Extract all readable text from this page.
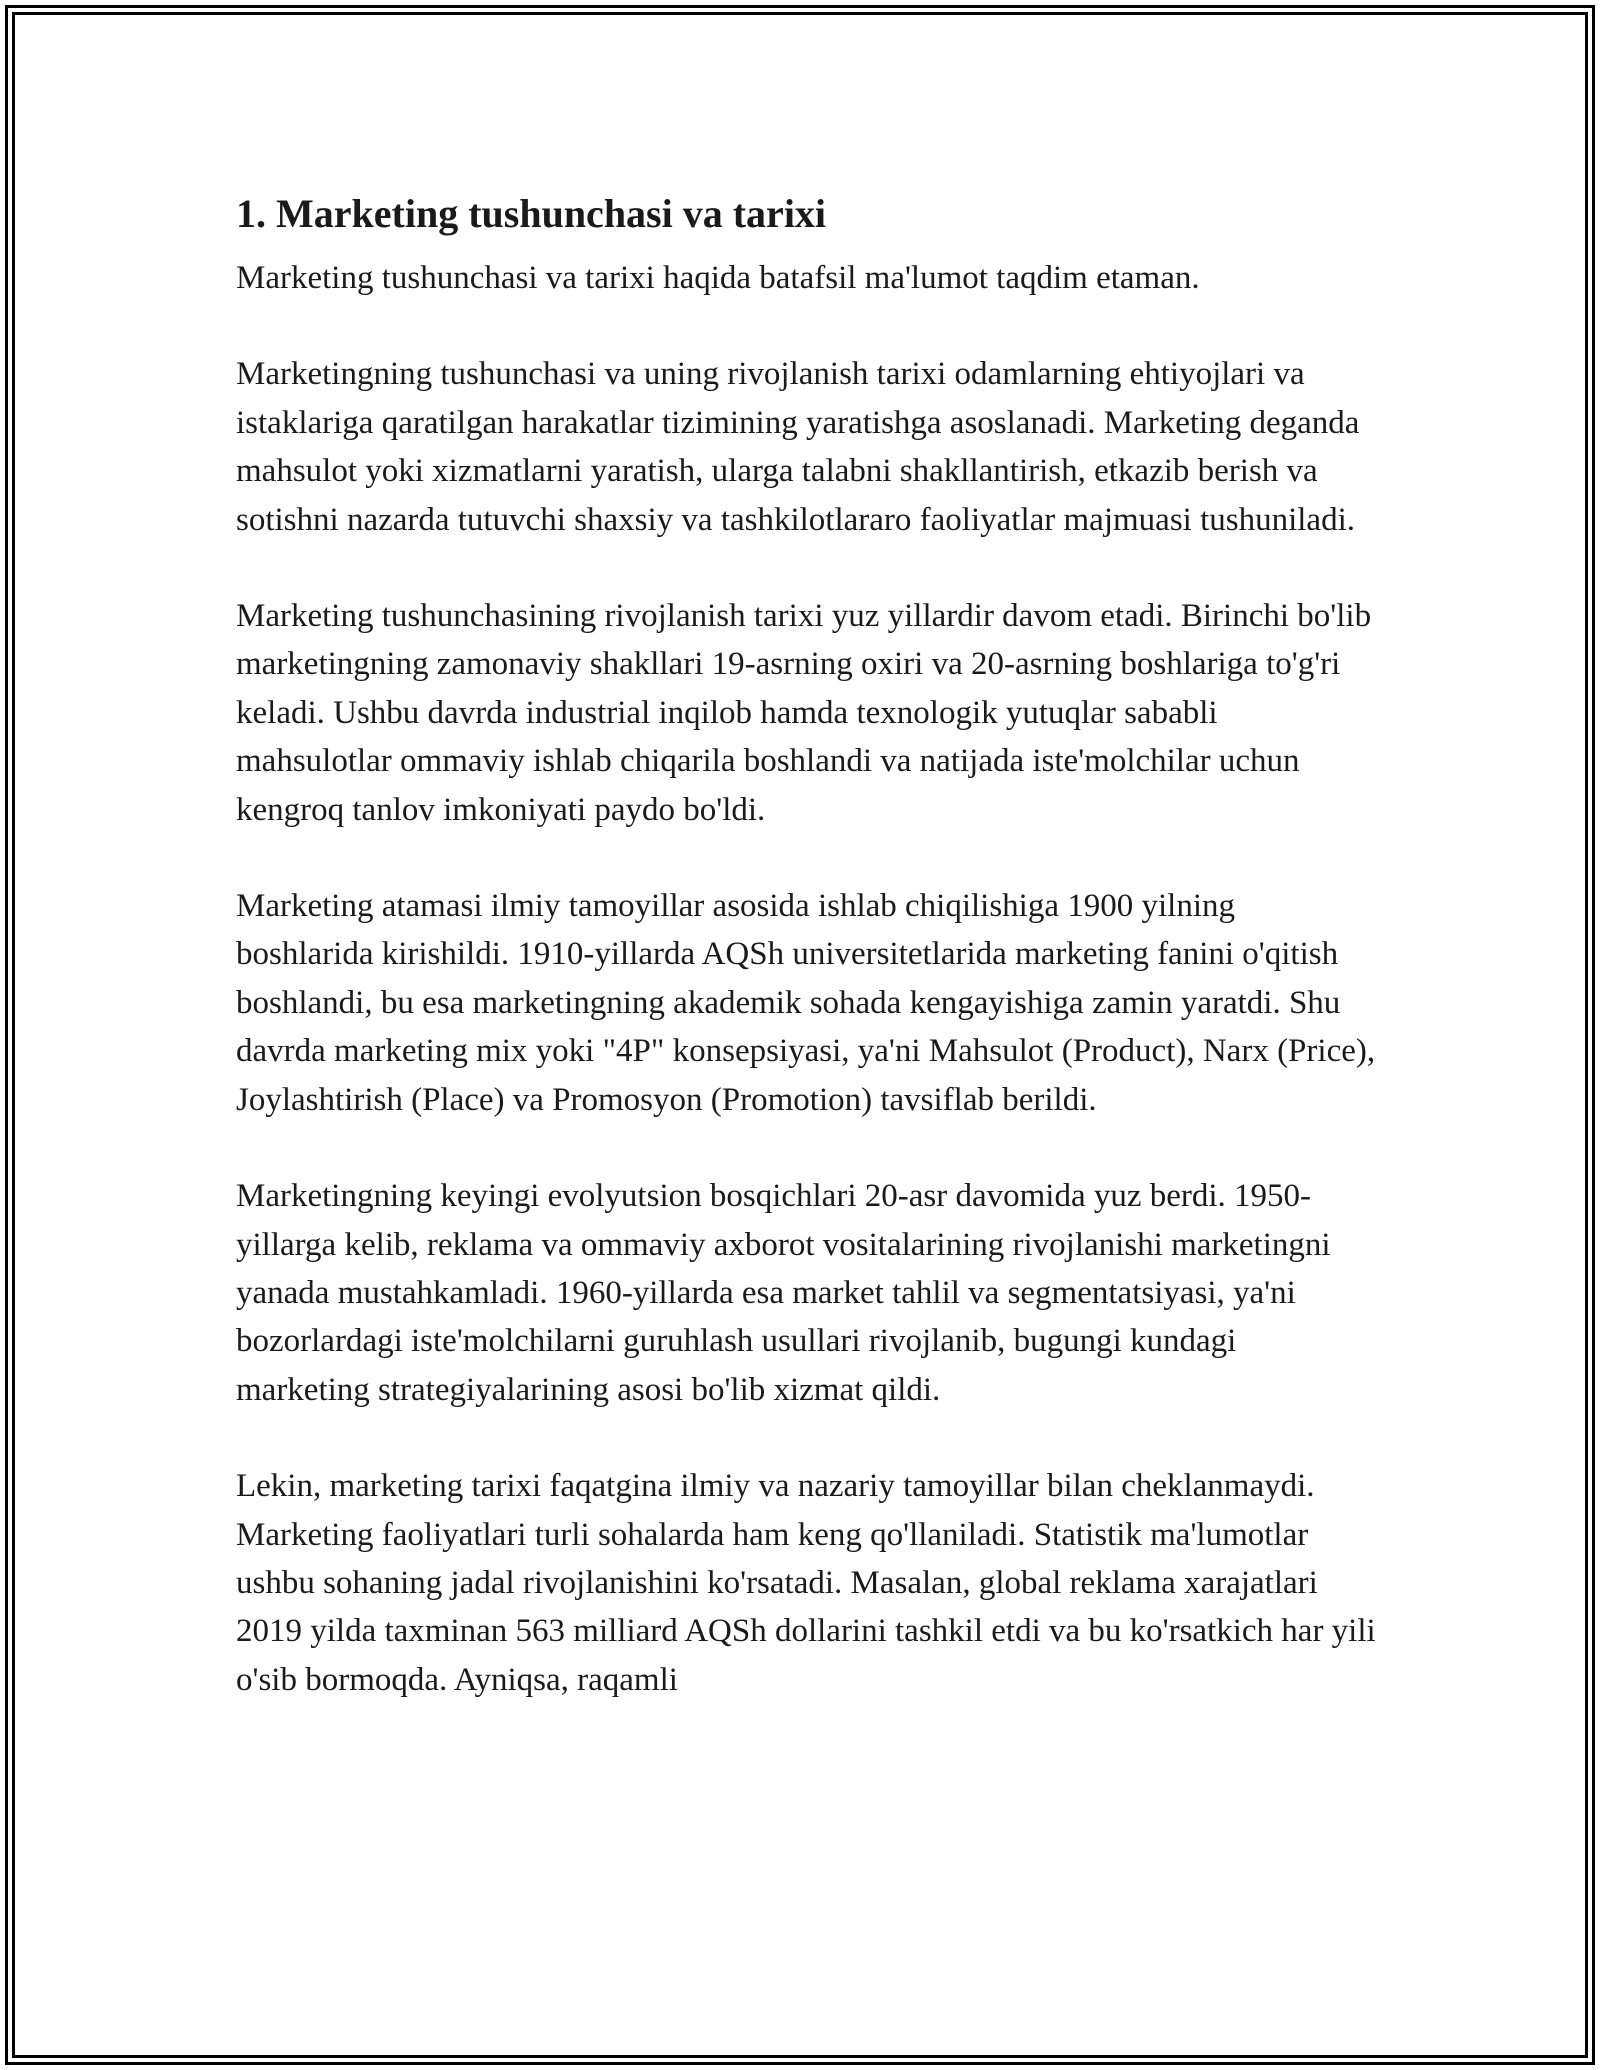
1. Marketing tushunchasi va tarixi

Marketing tushunchasi va tarixi haqida batafsil ma'lumot taqdim etaman.

Marketingning tushunchasi va uning rivojlanish tarixi odamlarning ehtiyojlari va istaklariga qaratilgan harakatlar tizimining yaratishga asoslanadi. Marketing deganda mahsulot yoki xizmatlarni yaratish, ularga talabni shakllantirish, etkazib berish va sotishni nazarda tutuvchi shaxsiy va tashkilotlararo faoliyatlar majmuasi tushuniladi.

Marketing tushunchasining rivojlanish tarixi yuz yillardir davom etadi. Birinchi bo'lib marketingning zamonaviy shakllari 19-asrning oxiri va 20-asrning boshlariga to'g'ri keladi. Ushbu davrda industrial inqilob hamda texnologik yutuqlar sababli mahsulotlar ommaviy ishlab chiqarila boshlandi va natijada iste'molchilar uchun kengroq tanlov imkoniyati paydo bo'ldi.

Marketing atamasi ilmiy tamoyillar asosida ishlab chiqilishiga 1900 yilning boshlarida kirishildi. 1910-yillarda AQSh universitetlarida marketing fanini o'qitish boshlandi, bu esa marketingning akademik sohada kengayishiga zamin yaratdi. Shu davrda marketing mix yoki "4P" konsepsiyasi, ya'ni Mahsulot (Product), Narx (Price), Joylashtirish (Place) va Promosyon (Promotion) tavsiflab berildi.

Marketingning keyingi evolyutsion bosqichlari 20-asr davomida yuz berdi. 1950-yillarga kelib, reklama va ommaviy axborot vositalarining rivojlanishi marketingni yanada mustahkamladi. 1960-yillarda esa market tahlil va segmentatsiyasi, ya'ni bozorlardagi iste'molchilarni guruhlash usullari rivojlanib, bugungi kundagi marketing strategiyalarining asosi bo'lib xizmat qildi.

Lekin, marketing tarixi faqatgina ilmiy va nazariy tamoyillar bilan cheklanmaydi. Marketing faoliyatlari turli sohalarda ham keng qo'llaniladi. Statistik ma'lumotlar ushbu sohaning jadal rivojlanishini ko'rsatadi. Masalan, global reklama xarajatlari 2019 yilda taxminan 563 milliard AQSh dollarini tashkil etdi va bu ko'rsatkich har yili o'sib bormoqda. Ayniqsa, raqamli
